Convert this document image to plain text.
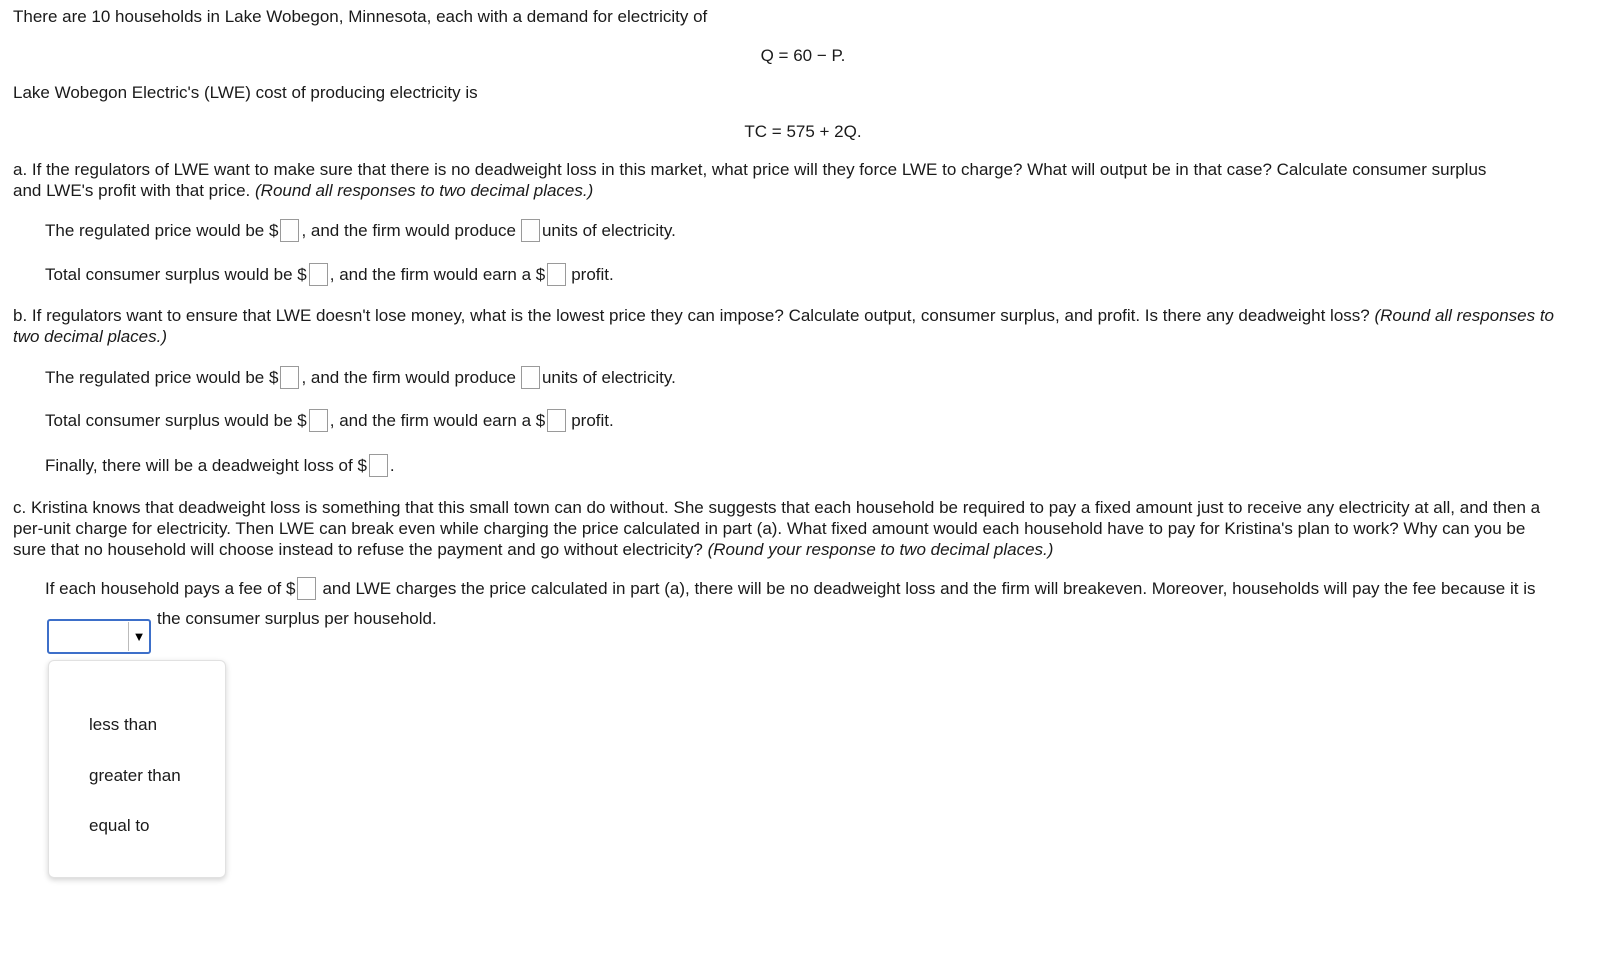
There are 10 households in Lake Wobegon, Minnesota, each with a demand for electricity of
Q = 60 − P.
Lake Wobegon Electric's (LWE) cost of producing electricity is
TC = 575 + 2Q.
a. If the regulators of LWE want to make sure that there is no deadweight loss in this market, what price will they force LWE to charge? What will output be in that case? Calculate consumer surplus and LWE's profit with that price. (Round all responses to two decimal places.)
The regulated price would be $ , and the firm would produce units of electricity.
Total consumer surplus would be $ , and the firm would earn a $ profit.
b. If regulators want to ensure that LWE doesn't lose money, what is the lowest price they can impose? Calculate output, consumer surplus, and profit. Is there any deadweight loss? (Round all responses to two decimal places.)
The regulated price would be $ , and the firm would produce units of electricity.
Total consumer surplus would be $ , and the firm would earn a $ profit.
Finally, there will be a deadweight loss of $ .
c. Kristina knows that deadweight loss is something that this small town can do without. She suggests that each household be required to pay a fixed amount just to receive any electricity at all, and then a per-unit charge for electricity. Then LWE can break even while charging the price calculated in part (a). What fixed amount would each household have to pay for Kristina's plan to work? Why can you be sure that no household will choose instead to refuse the payment and go without electricity? (Round your response to two decimal places.)
If each household pays a fee of $ and LWE charges the price calculated in part (a), there will be no deadweight loss and the firm will breakeven. Moreover, households will pay the fee because it is
▼
the consumer surplus per household.
less than
greater than
equal to
